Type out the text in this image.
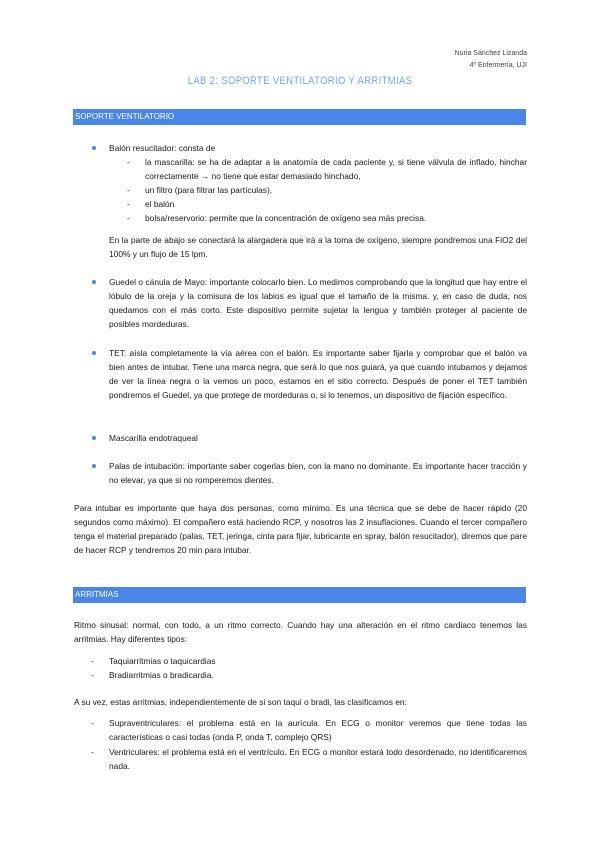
Nuria Sánchez Lizanda
4º Enfermería, UJI
LAB 2: SOPORTE VENTILATORIO Y ARRITMIAS
SOPORTE VENTILATORIO
Balón resucitador: consta de
- la mascarilla: se ha de adaptar a la anatomía de cada paciente y, si tiene válvula de inflado, hinchar correctamente → no tiene que estar demasiado hinchado,
- un filtro (para filtrar las partículas),
- el balón
- bolsa/reservorio: permite que la concentración de oxígeno sea más precisa.
En la parte de abajo se conectará la alargadera que irá a la toma de oxígeno, siempre pondremos una FiO2 del 100% y un flujo de 15 lpm.
Guedel o cánula de Mayo: importante colocarlo bien. Lo medimos comprobando que la longitud que hay entre el lóbulo de la oreja y la comisura de los labios es igual que el tamaño de la misma. y, en caso de duda, nos quedamos con el más corto. Este dispositivo permite sujetar la lengua y también proteger al paciente de posibles mordeduras.
TET: aísla completamente la vía aérea con el balón. Es importante saber fijarla y comprobar que el balón va bien antes de intubar. Tiene una marca negra, que será lo que nos guiará, ya que cuando intubamos y dejamos de ver la línea negra o la vemos un poco, estamos en el sitio correcto. Después de poner el TET también pondremos el Guedel, ya que protege de mordeduras o, si lo tenemos, un dispositivo de fijación específico.
Mascarilla endotraqueal
Palas de intubación: importante saber cogerlas bien, con la mano no dominante. Es importante hacer tracción y no elevar, ya que si no romperemos dientes.
Para intubar es importante que haya dos personas, como mínimo. Es una técnica que se debe de hacer rápido (20 segundos como máximo). El compañero está haciendo RCP, y nosotros las 2 insuflaciones. Cuando el tercer compañero tenga el material preparado (palas, TET, jeringa, cinta para fijar, lubricante en spray, balón resucitador), diremos que pare de hacer RCP y tendremos 20 min para intubar.
ARRITMIAS
Ritmo sinusal: normal, con todo, a un ritmo correcto. Cuando hay una alteración en el ritmo cardiaco tenemos las arritmias. Hay diferentes tipos:
- Taquiarritmias o taquicardias
- Bradiarritmias o bradicardia.
A su vez, estas arritmias, independientemente de si son taqui o bradi, las clasificamos en:
- Supraventriculares: el problema está en la aurícula. En ECG o monitor veremos que tiene todas las características o casi todas (onda P, onda T, complejo QRS)
- Ventriculares: el problema está en el ventrículo. En ECG o monitor estará todo desordenado, no identificaremos nada.
